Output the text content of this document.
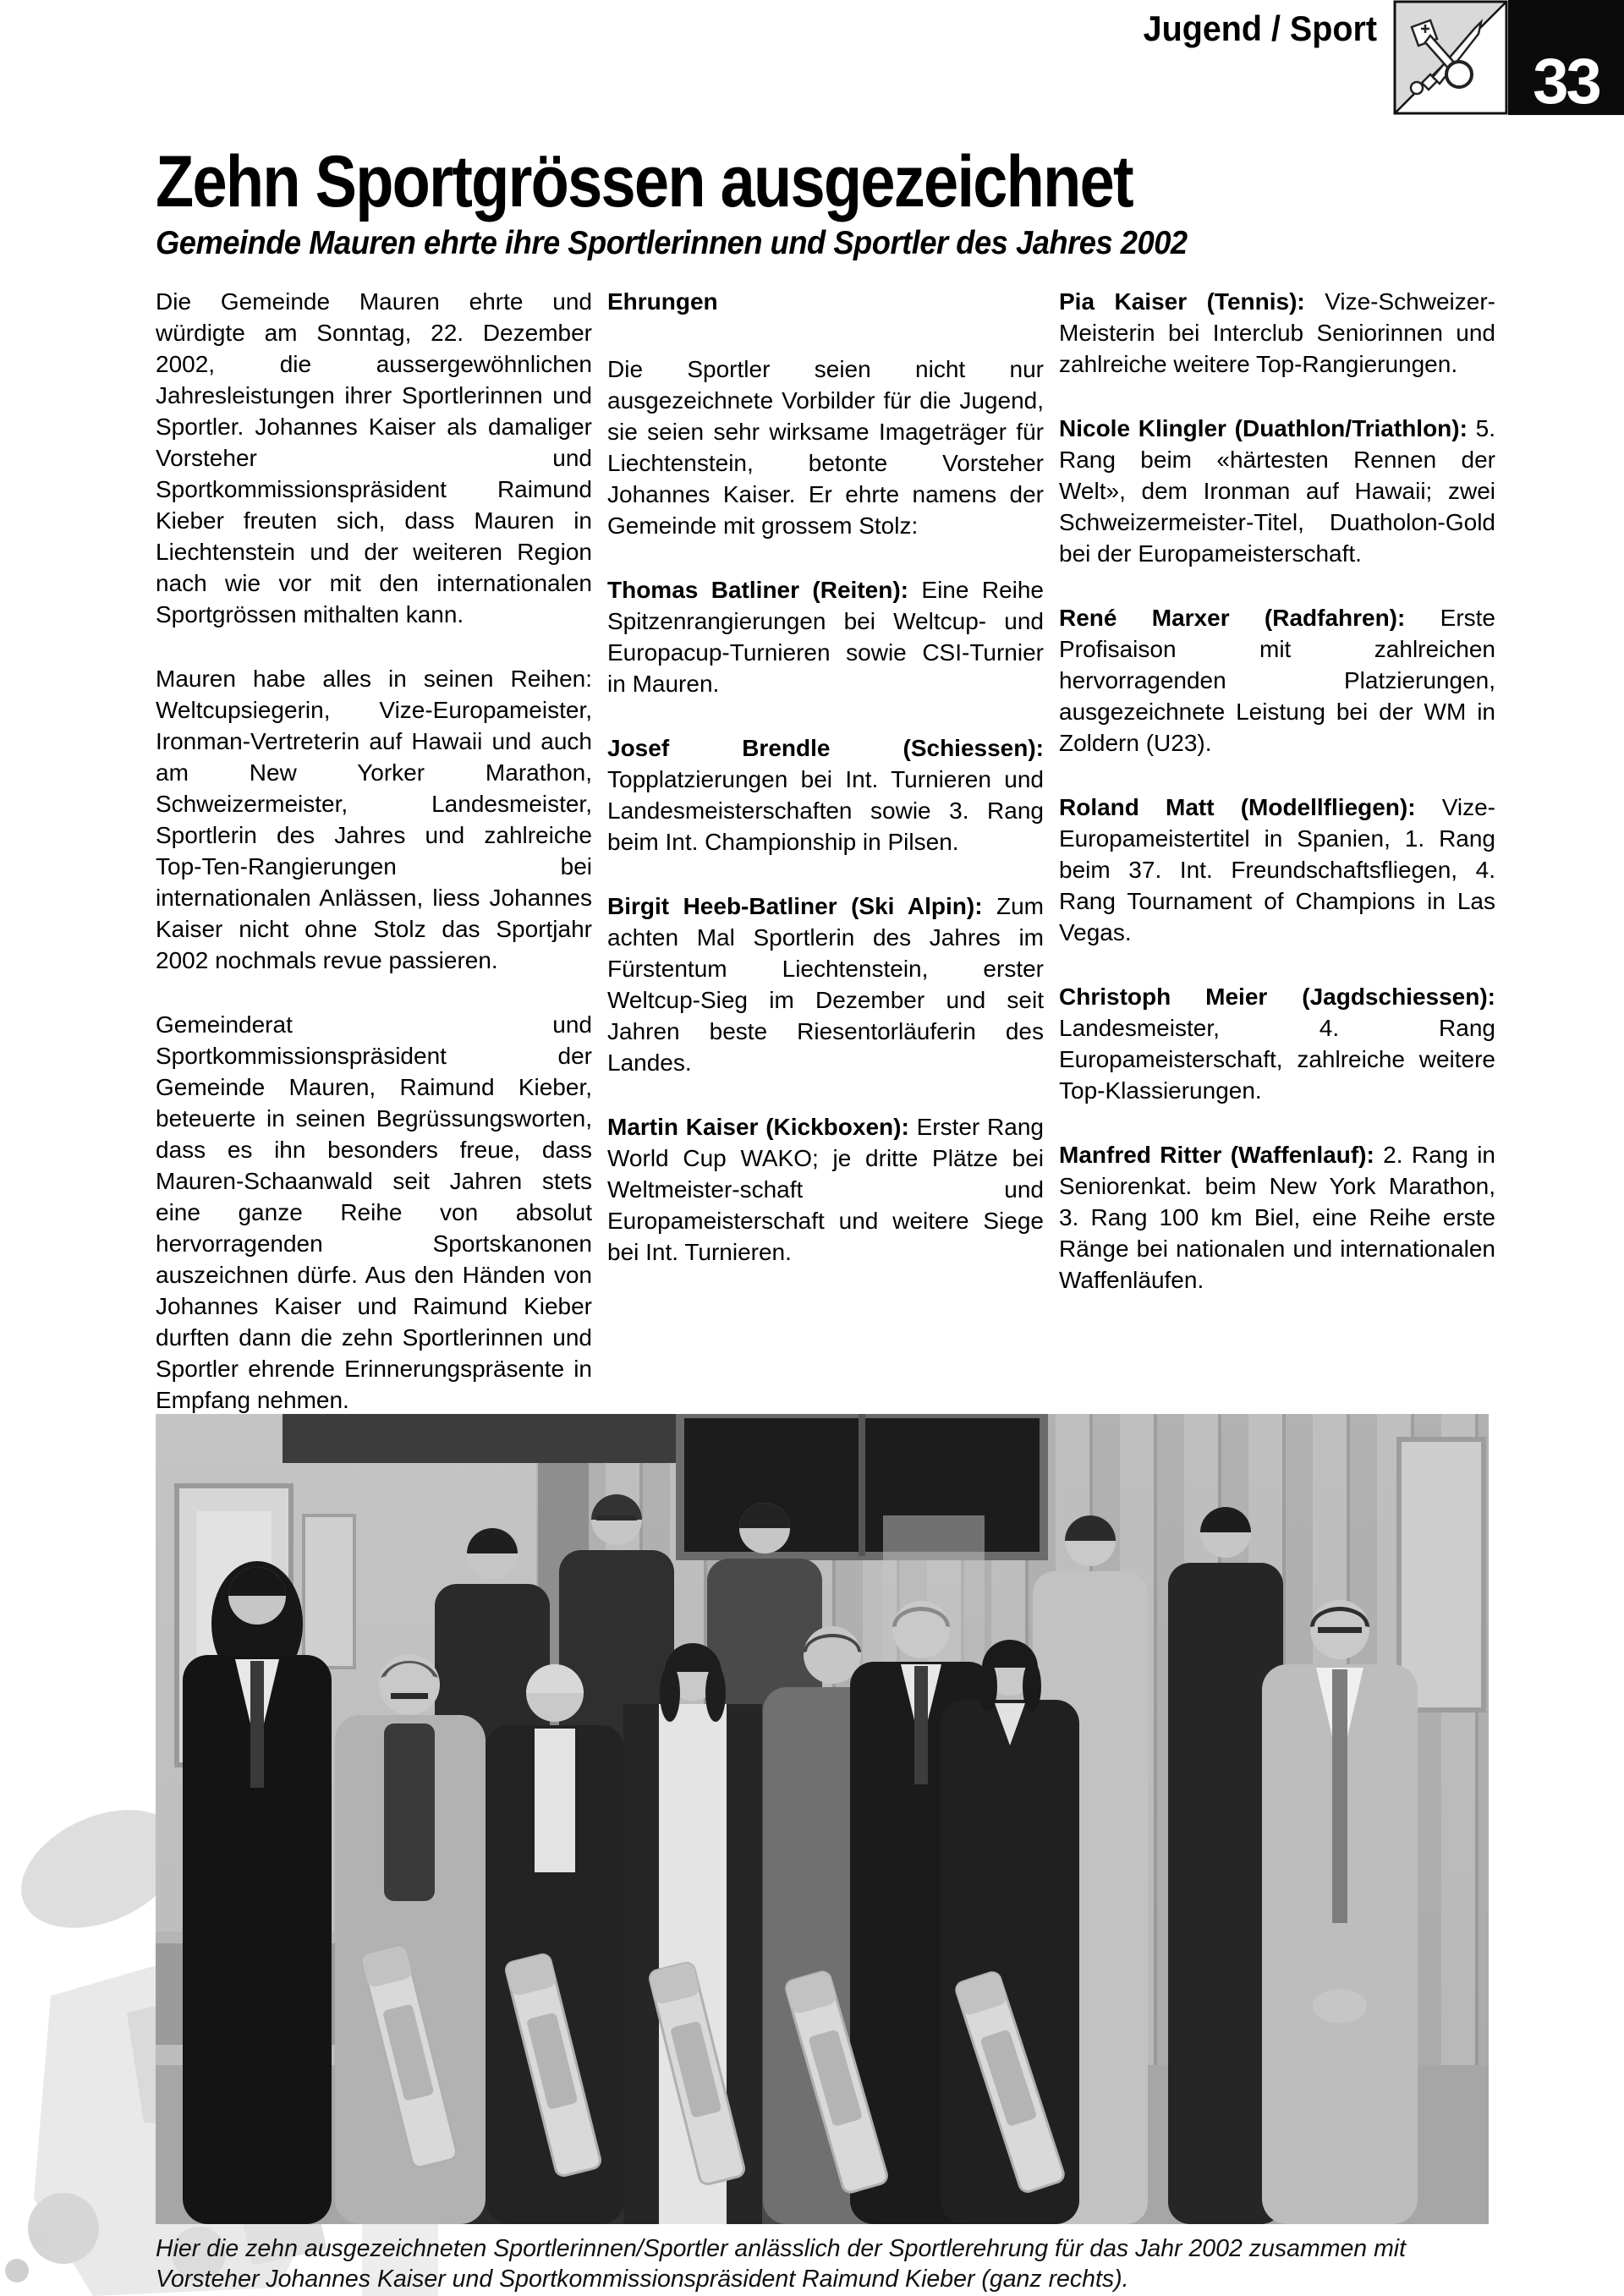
Jugend / Sport
33
Zehn Sportgrössen ausgezeichnet
Gemeinde Mauren ehrte ihre Sportlerinnen und Sportler des Jahres 2002

Die Gemeinde Mauren ehrte und würdigte am Sonntag, 22. Dezember 2002, die aussergewöhnlichen Jahresleistungen ihrer Sportlerinnen und Sportler. Johannes Kaiser als damaliger Vorsteher und Sportkommissionspräsident Raimund Kieber freuten sich, dass Mauren in Liechtenstein und der weiteren Region nach wie vor mit den internationalen Sportgrössen mithalten kann.

Mauren habe alles in seinen Reihen: Weltcupsiegerin, Vize-Europameister, Ironman-Vertreterin auf Hawaii und auch am New Yorker Marathon, Schweizermeister, Landesmeister, Sportlerin des Jahres und zahlreiche Top-Ten-Rangierungen bei internationalen Anlässen, liess Johannes Kaiser nicht ohne Stolz das Sportjahr 2002 nochmals revue passieren.

Gemeinderat und Sportkommissionspräsident der Gemeinde Mauren, Raimund Kieber, beteuerte in seinen Begrüssungsworten, dass es ihn besonders freue, dass Mauren-Schaanwald seit Jahren stets eine ganze Reihe von absolut hervorragenden Sportskanonen auszeichnen dürfe. Aus den Händen von Johannes Kaiser und Raimund Kieber durften dann die zehn Sportlerinnen und Sportler ehrende Erinnerungspräsente in Empfang nehmen.

Ehrungen

Die Sportler seien nicht nur ausgezeichnete Vorbilder für die Jugend, sie seien sehr wirksame Imageträger für Liechtenstein, betonte Vorsteher Johannes Kaiser. Er ehrte namens der Gemeinde mit grossem Stolz:

Thomas Batliner (Reiten): Eine Reihe Spitzenrangierungen bei Weltcup- und Europacup-Turnieren sowie CSI-Turnier in Mauren.

Josef Brendle (Schiessen): Topplatzierungen bei Int. Turnieren und Landesmeisterschaften sowie 3. Rang beim Int. Championship in Pilsen.

Birgit Heeb-Batliner (Ski Alpin): Zum achten Mal Sportlerin des Jahres im Fürstentum Liechtenstein, erster Weltcup-Sieg im Dezember und seit Jahren beste Riesentorläuferin des Landes.

Martin Kaiser (Kickboxen): Erster Rang World Cup WAKO; je dritte Plätze bei Weltmeister-schaft und Europameisterschaft und weitere Siege bei Int. Turnieren.

Pia Kaiser (Tennis): Vize-Schweizer-Meisterin bei Interclub Seniorinnen und zahlreiche weitere Top-Rangierungen.

Nicole Klingler (Duathlon/Triathlon): 5. Rang beim «härtesten Rennen der Welt», dem Ironman auf Hawaii; zwei Schweizermeister-Titel, Duatholon-Gold bei der Europameisterschaft.

René Marxer (Radfahren): Erste Profisaison mit zahlreichen hervorragenden Platzierungen, ausgezeichnete Leistung bei der WM in Zoldern (U23).

Roland Matt (Modellfliegen): Vize-Europameistertitel in Spanien, 1. Rang beim 37. Int. Freundschaftsfliegen, 4. Rang Tournament of Champions in Las Vegas.

Christoph Meier (Jagdschiessen): Landesmeister, 4. Rang Europameisterschaft, zahlreiche weitere Top-Klassierungen.

Manfred Ritter (Waffenlauf): 2. Rang in Seniorenkat. beim New York Marathon, 3. Rang 100 km Biel, eine Reihe erste Ränge bei nationalen und internationalen Waffenläufen.

Hier die zehn ausgezeichneten Sportlerinnen/Sportler anlässlich der Sportlerehrung für das Jahr 2002 zusammen mit Vorsteher Johannes Kaiser und Sportkommissionspräsident Raimund Kieber (ganz rechts).
